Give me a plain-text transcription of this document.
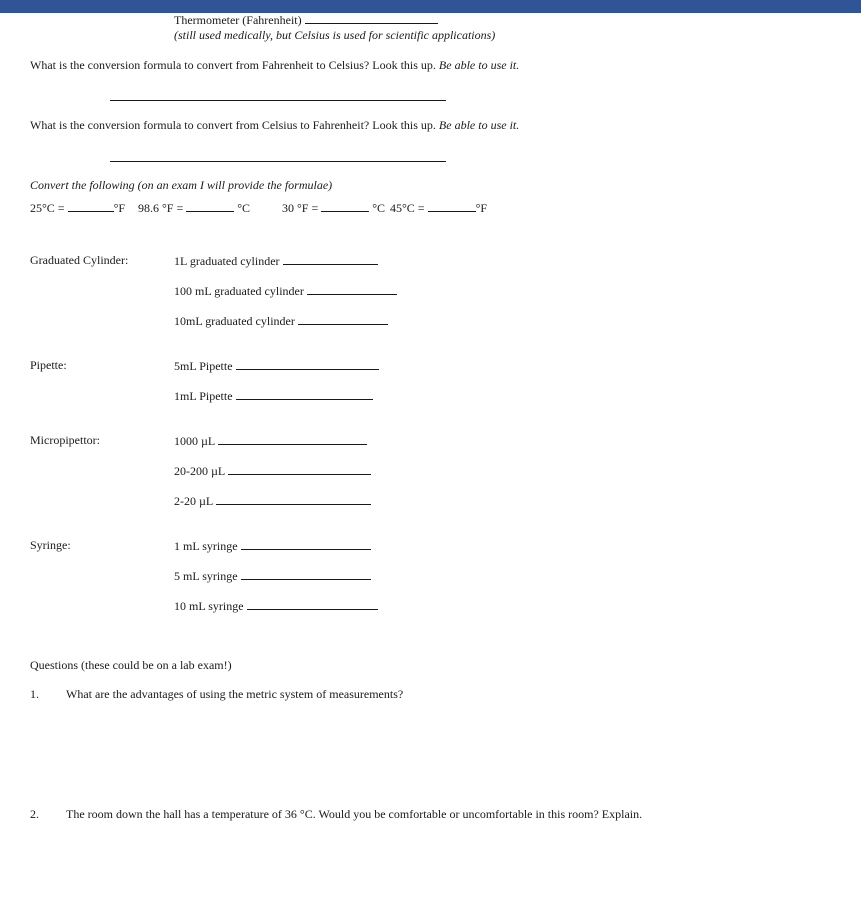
Thermometer (Fahrenheit)
(still used medically, but Celsius is used for scientific applications)
What is the conversion formula to convert from Fahrenheit to Celsius? Look this up. Be able to use it.
What is the conversion formula to convert from Celsius to Fahrenheit? Look this up. Be able to use it.
Convert the following (on an exam I will provide the formulae)
25°C =	°F 98.6 °F =	°C	30 °F =	°C 45°C =	°F
Graduated Cylinder:	1L graduated cylinder
100 mL graduated cylinder
10mL graduated cylinder
Pipette:	5mL Pipette
1mL Pipette
Micropipettor:	1000 µL
20-200 µL
2-20 µL
Syringe:	1 mL syringe
5 mL syringe
10 mL syringe
Questions (these could be on a lab exam!)
1. What are the advantages of using the metric system of measurements?
2. The room down the hall has a temperature of 36 °C. Would you be comfortable or uncomfortable in this room? Explain.
